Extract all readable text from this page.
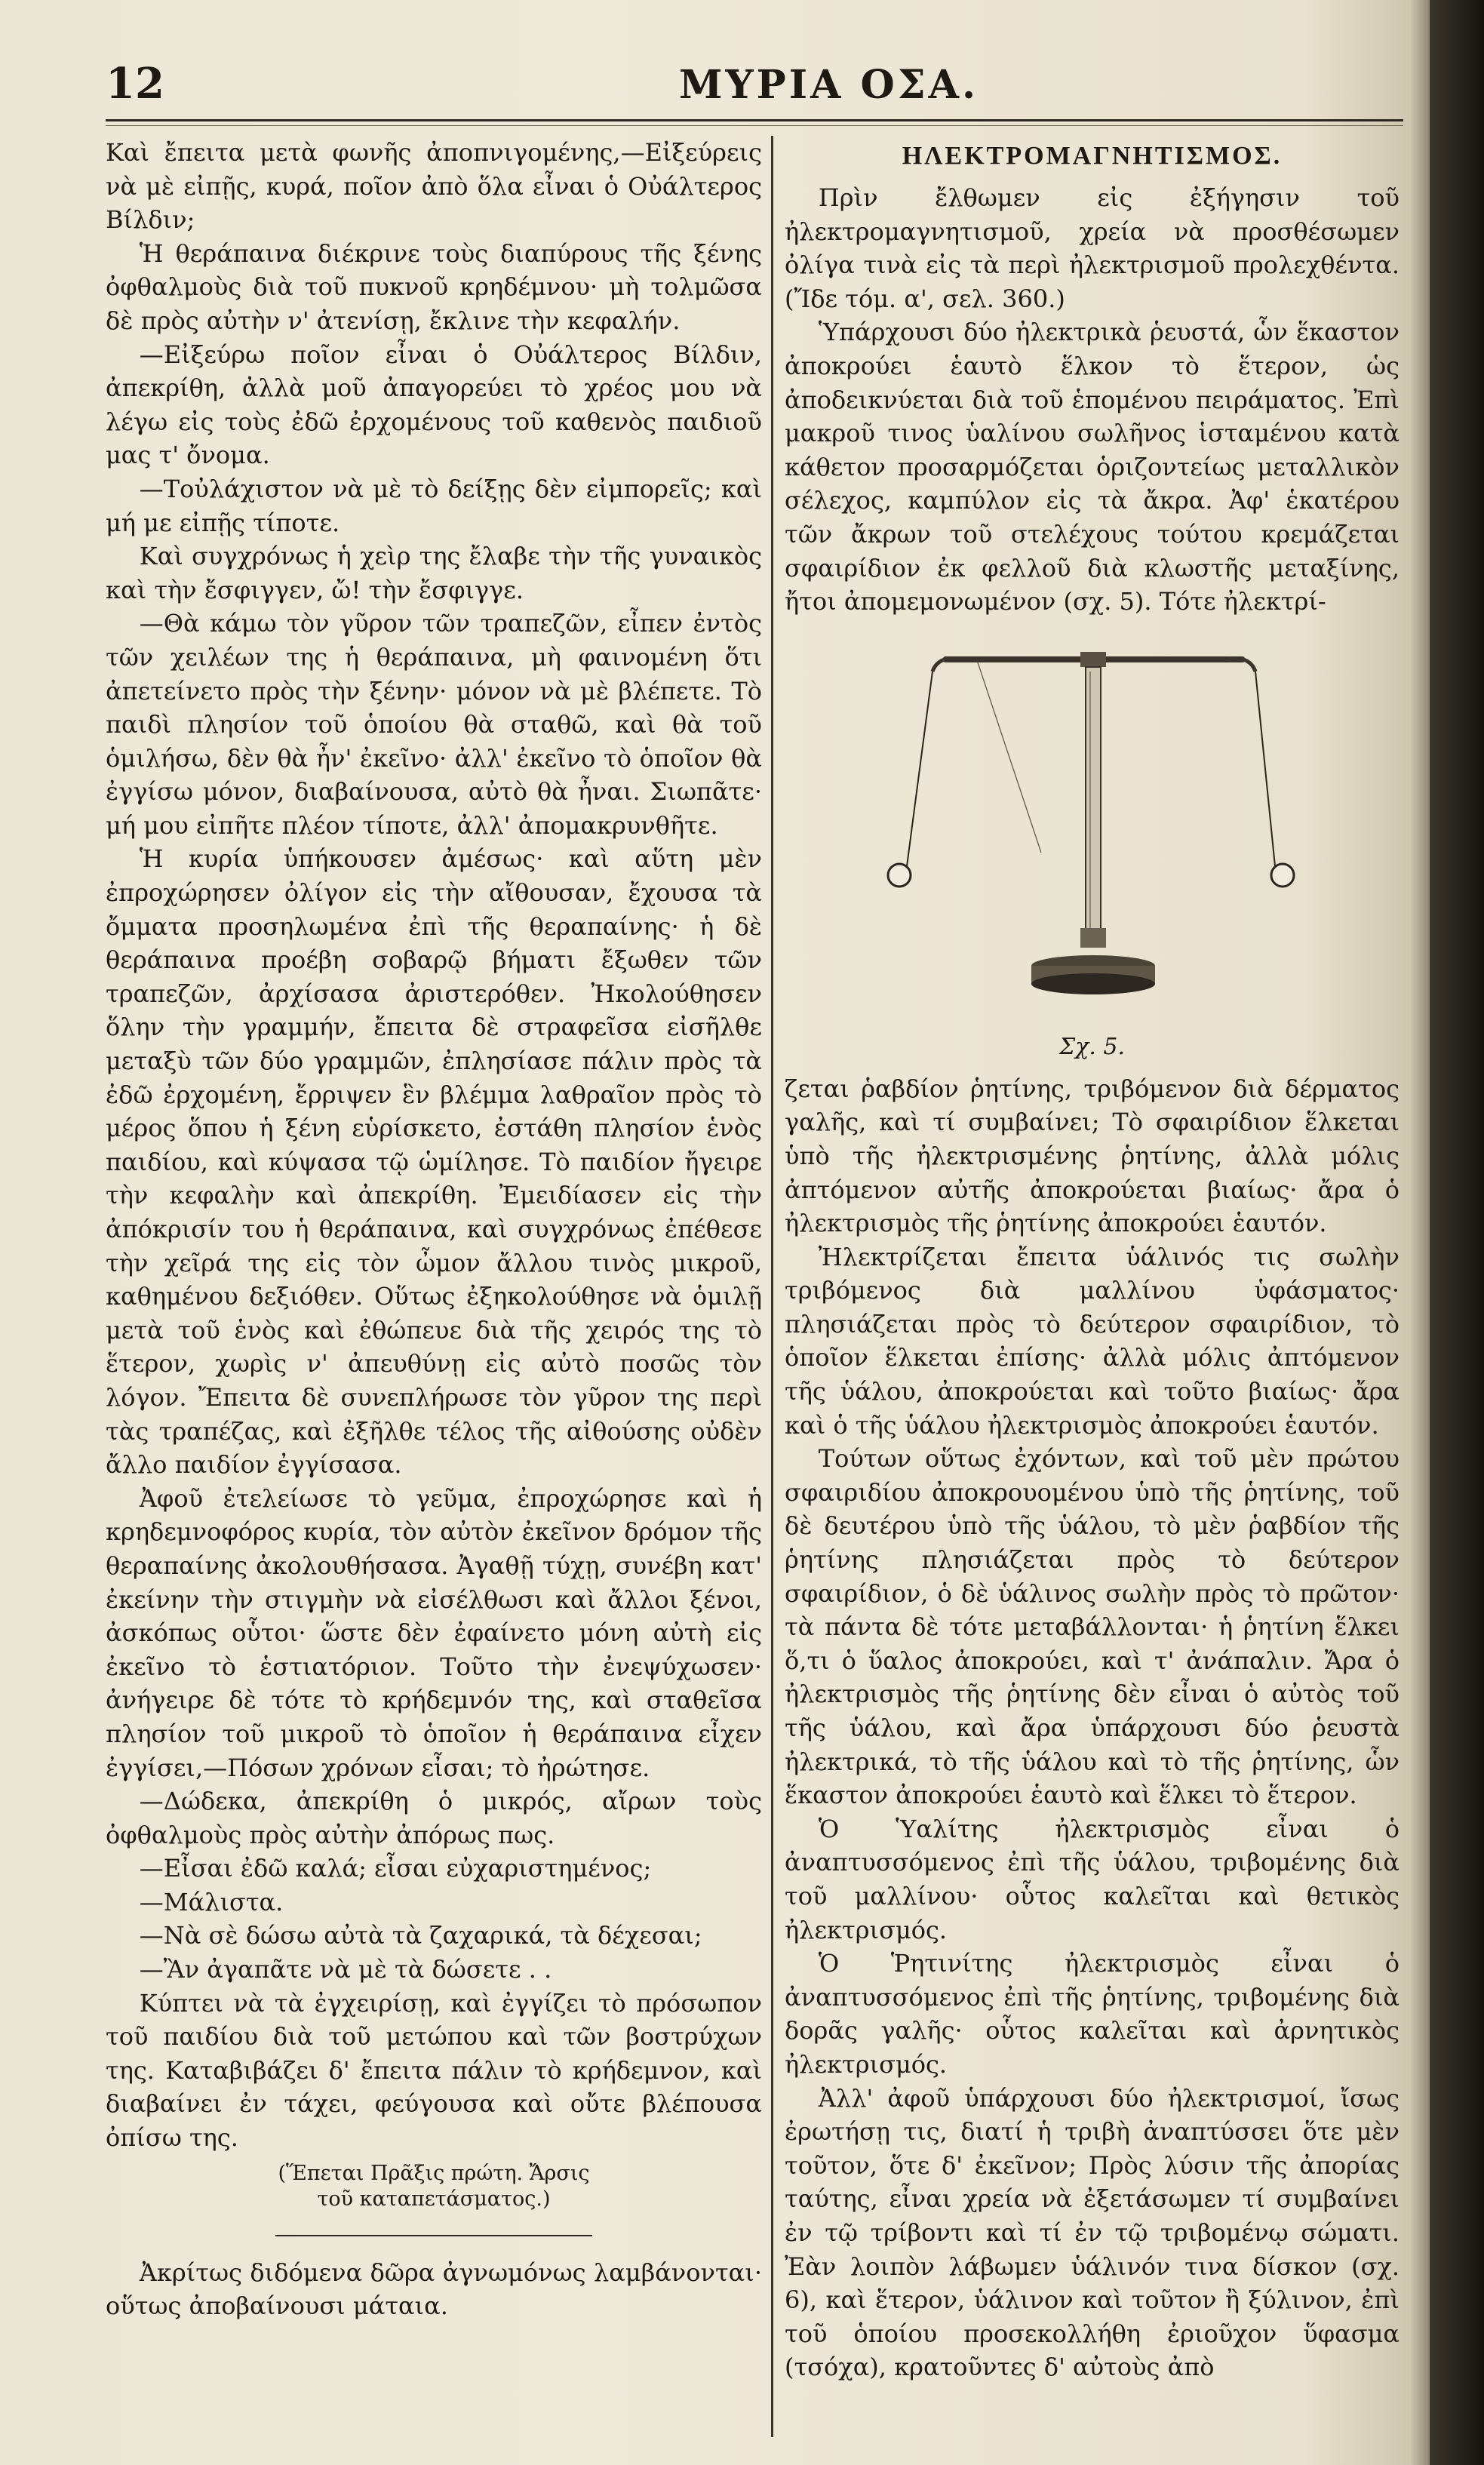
12	ΜΥΡΙΑ ΟΣΑ.

Καὶ ἔπειτα μετὰ φωνῆς ἀποπνιγομένης,—Εἰξεύρεις νὰ μὲ εἰπῇς, κυρά, ποῖον ἀπὸ ὅλα εἶναι ὁ Οὐάλτερος Βίλδιν;

Ἡ θεράπαινα διέκρινε τοὺς διαπύρους τῆς ξένης ὀφθαλμοὺς διὰ τοῦ πυκνοῦ κρηδέμνου· μὴ τολμῶσα δὲ πρὸς αὐτὴν ν' ἀτενίσῃ, ἔκλινε τὴν κεφαλήν.

—Εἰξεύρω ποῖον εἶναι ὁ Οὐάλτερος Βίλδιν, ἀπεκρίθη, ἀλλὰ μοῦ ἀπαγορεύει τὸ χρέος μου νὰ λέγω εἰς τοὺς ἐδῶ ἐρχομένους τοῦ καθενὸς παιδιοῦ μας τ' ὄνομα.

—Τοὐλάχιστον νὰ μὲ τὸ δείξῃς δὲν εἰμπορεῖς; καὶ μή με εἰπῇς τίποτε.

Καὶ συγχρόνως ἡ χεὶρ της ἔλαβε τὴν τῆς γυναικὸς καὶ τὴν ἔσφιγγεν, ὤ! τὴν ἔσφιγγε.

—Θὰ κάμω τὸν γῦρον τῶν τραπεζῶν, εἶπεν ἐντὸς τῶν χειλέων της ἡ θεράπαινα, μὴ φαινομένη ὅτι ἀπετείνετο πρὸς τὴν ξένην· μόνον νὰ μὲ βλέπετε. Τὸ παιδὶ πλησίον τοῦ ὁποίου θὰ σταθῶ, καὶ θὰ τοῦ ὁμιλήσω, δὲν θὰ ἦν' ἐκεῖνο· ἀλλ' ἐκεῖνο τὸ ὁποῖον θὰ ἐγγίσω μόνον, διαβαίνουσα, αὐτὸ θὰ ἦναι. Σιωπᾶτε· μή μου εἰπῆτε πλέον τίποτε, ἀλλ' ἀπομακρυνθῆτε.

Ἡ κυρία ὑπήκουσεν ἀμέσως· καὶ αὕτη μὲν ἐπροχώρησεν ὀλίγον εἰς τὴν αἴθουσαν, ἔχουσα τὰ ὄμματα προσηλωμένα ἐπὶ τῆς θεραπαίνης· ἡ δὲ θεράπαινα προέβη σοβαρῷ βήματι ἔξωθεν τῶν τραπεζῶν, ἀρχίσασα ἀριστερόθεν. Ἠκολούθησεν ὅλην τὴν γραμμήν, ἔπειτα δὲ στραφεῖσα εἰσῆλθε μεταξὺ τῶν δύο γραμμῶν, ἐπλησίασε πάλιν πρὸς τὰ ἐδῶ ἐρχομένη, ἔρριψεν ἓν βλέμμα λαθραῖον πρὸς τὸ μέρος ὅπου ἡ ξένη εὑρίσκετο, ἐστάθη πλησίον ἑνὸς παιδίου, καὶ κύψασα τῷ ὡμίλησε. Τὸ παιδίον ἤγειρε τὴν κεφαλὴν καὶ ἀπεκρίθη. Ἐμειδίασεν εἰς τὴν ἀπόκρισίν του ἡ θεράπαινα, καὶ συγχρόνως ἐπέθεσε τὴν χεῖρά της εἰς τὸν ὦμον ἄλλου τινὸς μικροῦ, καθημένου δεξιόθεν. Οὕτως ἐξηκολούθησε νὰ ὁμιλῇ μετὰ τοῦ ἑνὸς καὶ ἐθώπευε διὰ τῆς χειρός της τὸ ἕτερον, χωρὶς ν' ἀπευθύνῃ εἰς αὐτὸ ποσῶς τὸν λόγον. Ἔπειτα δὲ συνεπλήρωσε τὸν γῦρον της περὶ τὰς τραπέζας, καὶ ἐξῆλθε τέλος τῆς αἰθούσης οὐδὲν ἄλλο παιδίον ἐγγίσασα.

Ἀφοῦ ἐτελείωσε τὸ γεῦμα, ἐπροχώρησε καὶ ἡ κρηδεμνοφόρος κυρία, τὸν αὐτὸν ἐκεῖνον δρόμον τῆς θεραπαίνης ἀκολουθήσασα. Ἀγαθῇ τύχῃ, συνέβη κατ' ἐκείνην τὴν στιγμὴν νὰ εἰσέλθωσι καὶ ἄλλοι ξένοι, ἀσκόπως οὗτοι· ὥστε δὲν ἐφαίνετο μόνη αὐτὴ εἰς ἐκεῖνο τὸ ἑστιατόριον. Τοῦτο τὴν ἐνεψύχωσεν· ἀνήγειρε δὲ τότε τὸ κρήδεμνόν της, καὶ σταθεῖσα πλησίον τοῦ μικροῦ τὸ ὁποῖον ἡ θεράπαινα εἶχεν ἐγγίσει,—Πόσων χρόνων εἶσαι; τὸ ἠρώτησε.

—Δώδεκα, ἀπεκρίθη ὁ μικρός, αἴρων τοὺς ὀφθαλμοὺς πρὸς αὐτὴν ἀπόρως πως.

—Εἶσαι ἐδῶ καλά; εἶσαι εὐχαριστημένος;

—Μάλιστα.

—Νὰ σὲ δώσω αὐτὰ τὰ ζαχαρικά, τὰ δέχεσαι;

—Ἂν ἀγαπᾶτε νὰ μὲ τὰ δώσετε . .

Κύπτει νὰ τὰ ἐγχειρίσῃ, καὶ ἐγγίζει τὸ πρόσωπον τοῦ παιδίου διὰ τοῦ μετώπου καὶ τῶν βοστρύχων της. Καταβιβάζει δ' ἔπειτα πάλιν τὸ κρήδεμνον, καὶ διαβαίνει ἐν τάχει, φεύγουσα καὶ οὔτε βλέπουσα ὀπίσω της.

(Ἕπεται Πρᾶξις πρώτη. Ἄρσις
τοῦ καταπετάσματος.)

Ἀκρίτως διδόμενα δῶρα ἀγνωμόνως λαμβάνονται· οὕτως ἀποβαίνουσι μάταια.

ΗΛΕΚΤΡΟΜΑΓΝΗΤΙΣΜΟΣ.

Πρὶν ἔλθωμεν εἰς ἐξήγησιν τοῦ ἠλεκτρομαγνητισμοῦ, χρεία νὰ προσθέσωμεν ὀλίγα τινὰ εἰς τὰ περὶ ἠλεκτρισμοῦ προλεχθέντα. (Ἴδε τόμ. α', σελ. 360.)

Ὑπάρχουσι δύο ἠλεκτρικὰ ῥευστά, ὧν ἕκαστον ἀποκρούει ἑαυτὸ ἕλκον τὸ ἕτερον, ὡς ἀποδεικνύεται διὰ τοῦ ἑπομένου πειράματος. Ἐπὶ μακροῦ τινος ὑαλίνου σωλῆνος ἱσταμένου κατὰ κάθετον προσαρμόζεται ὁριζοντείως μεταλλικὸν σέλεχος, καμπύλον εἰς τὰ ἄκρα. Ἀφ' ἑκατέρου τῶν ἄκρων τοῦ στελέχους τούτου κρεμάζεται σφαιρίδιον ἐκ φελλοῦ διὰ κλωστῆς μεταξίνης, ἤτοι ἀπομεμονωμένον (σχ. 5). Τότε ἠλεκτρί-

Σχ. 5.

ζεται ῥαβδίον ῥητίνης, τριβόμενον διὰ δέρματος γαλῆς, καὶ τί συμβαίνει; Τὸ σφαιρίδιον ἕλκεται ὑπὸ τῆς ἠλεκτρισμένης ῥητίνης, ἀλλὰ μόλις ἀπτόμενον αὐτῆς ἀποκρούεται βιαίως· ἄρα ὁ ἠλεκτρισμὸς τῆς ῥητίνης ἀποκρούει ἑαυτόν.

Ἠλεκτρίζεται ἔπειτα ὑάλινός τις σωλὴν τριβόμενος διὰ μαλλίνου ὑφάσματος· πλησιάζεται πρὸς τὸ δεύτερον σφαιρίδιον, τὸ ὁποῖον ἕλκεται ἐπίσης· ἀλλὰ μόλις ἀπτόμενον τῆς ὑάλου, ἀποκρούεται καὶ τοῦτο βιαίως· ἄρα καὶ ὁ τῆς ὑάλου ἠλεκτρισμὸς ἀποκρούει ἑαυτόν.

Τούτων οὕτως ἐχόντων, καὶ τοῦ μὲν πρώτου σφαιριδίου ἀποκρουομένου ὑπὸ τῆς ῥητίνης, τοῦ δὲ δευτέρου ὑπὸ τῆς ὑάλου, τὸ μὲν ῥαβδίον τῆς ῥητίνης πλησιάζεται πρὸς τὸ δεύτερον σφαιρίδιον, ὁ δὲ ὑάλινος σωλὴν πρὸς τὸ πρῶτον· τὰ πάντα δὲ τότε μεταβάλλονται· ἡ ῥητίνη ἕλκει ὅ,τι ὁ ὕαλος ἀποκρούει, καὶ τ' ἀνάπαλιν. Ἄρα ὁ ἠλεκτρισμὸς τῆς ῥητίνης δὲν εἶναι ὁ αὐτὸς τοῦ τῆς ὑάλου, καὶ ἄρα ὑπάρχουσι δύο ῥευστὰ ἠλεκτρικά, τὸ τῆς ὑάλου καὶ τὸ τῆς ῥητίνης, ὧν ἕκαστον ἀποκρούει ἑαυτὸ καὶ ἕλκει τὸ ἕτερον.

Ὁ Ὑαλίτης ἠλεκτρισμὸς εἶναι ὁ ἀναπτυσσόμενος ἐπὶ τῆς ὑάλου, τριβομένης διὰ τοῦ μαλλίνου· οὗτος καλεῖται καὶ θετικὸς ἠλεκτρισμός.

Ὁ Ῥητινίτης ἠλεκτρισμὸς εἶναι ὁ ἀναπτυσσόμενος ἐπὶ τῆς ῥητίνης, τριβομένης διὰ δορᾶς γαλῆς· οὗτος καλεῖται καὶ ἀρνητικὸς ἠλεκτρισμός.

Ἀλλ' ἀφοῦ ὑπάρχουσι δύο ἠλεκτρισμοί, ἴσως ἐρωτήσῃ τις, διατί ἡ τριβὴ ἀναπτύσσει ὅτε μὲν τοῦτον, ὅτε δ' ἐκεῖνον; Πρὸς λύσιν τῆς ἀπορίας ταύτης, εἶναι χρεία νὰ ἐξετάσωμεν τί συμβαίνει ἐν τῷ τρίβοντι καὶ τί ἐν τῷ τριβομένῳ σώματι. Ἐὰν λοιπὸν λάβωμεν ὑάλινόν τινα δίσκον (σχ. 6), καὶ ἕτερον, ὑάλινον καὶ τοῦτον ἢ ξύλινον, ἐπὶ τοῦ ὁποίου προσεκολλήθη ἐριοῦχον ὕφασμα (τσόχα), κρατοῦντες δ' αὐτοὺς ἀπὸ
